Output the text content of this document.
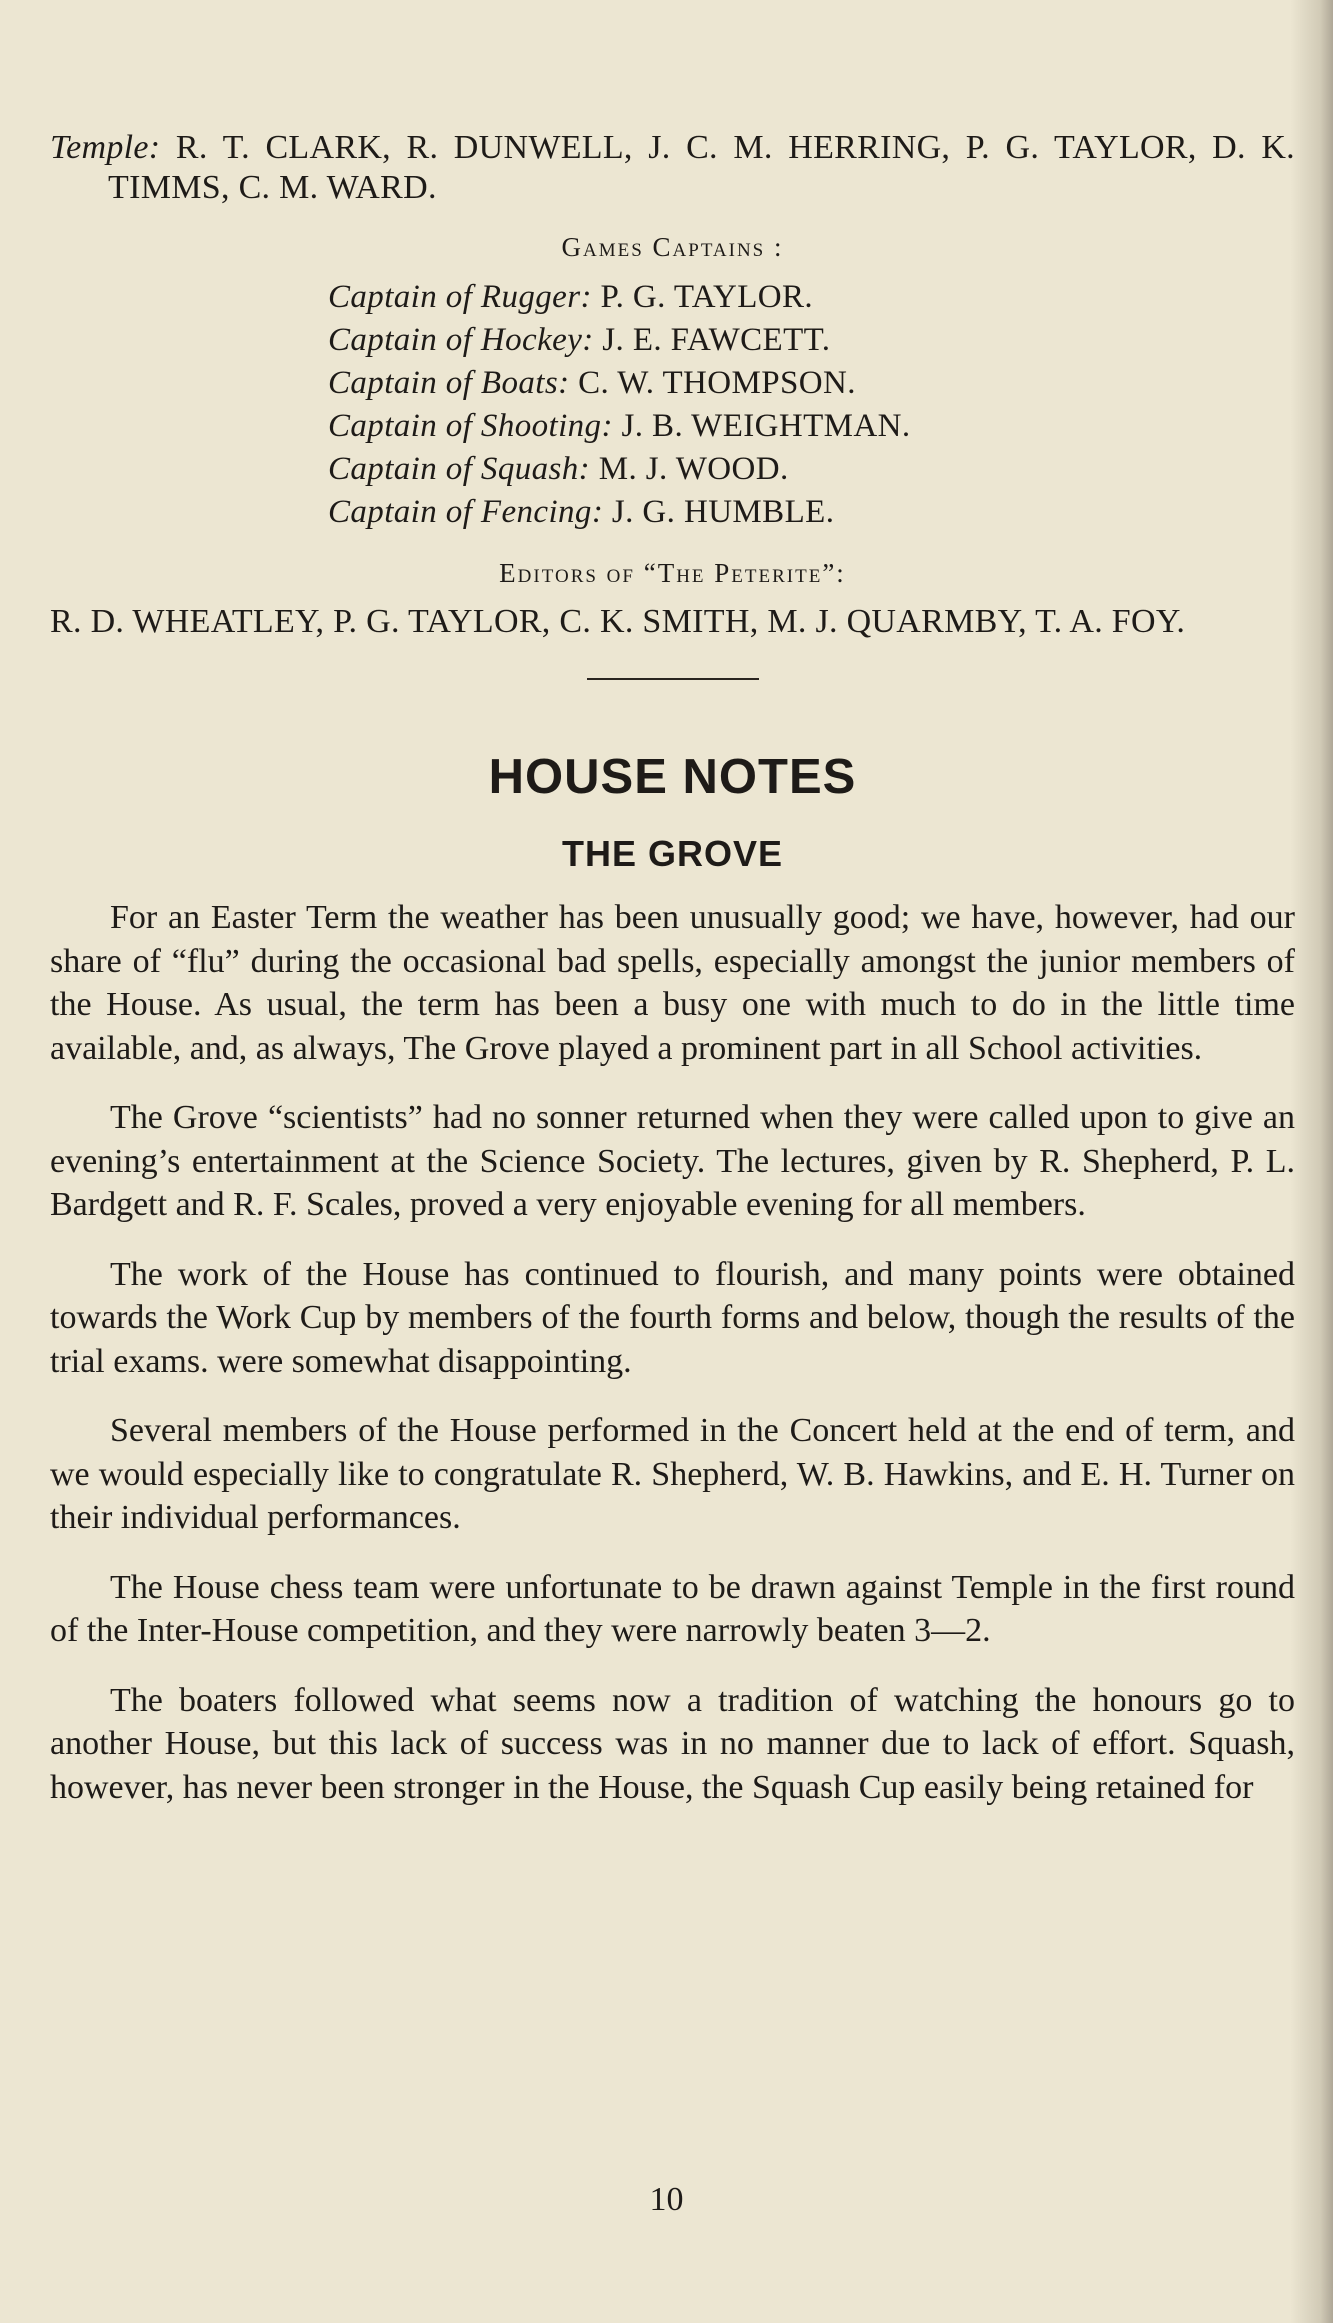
Temple: R. T. CLARK, R. DUNWELL, J. C. M. HERRING, P. G. TAYLOR, D. K. TIMMS, C. M. WARD.
Games Captains :
Captain of Rugger: P. G. TAYLOR.
Captain of Hockey: J. E. FAWCETT.
Captain of Boats: C. W. THOMPSON.
Captain of Shooting: J. B. WEIGHTMAN.
Captain of Squash: M. J. WOOD.
Captain of Fencing: J. G. HUMBLE.
Editors of “The Peterite”:
R. D. WHEATLEY, P. G. TAYLOR, C. K. SMITH, M. J. QUARMBY, T. A. FOY.
HOUSE NOTES
THE GROVE

For an Easter Term the weather has been unusually good; we have, however, had our share of “flu” during the occasional bad spells, especially amongst the junior members of the House. As usual, the term has been a busy one with much to do in the little time available, and, as always, The Grove played a prominent part in all School activities.

The Grove “scientists” had no sonner returned when they were called upon to give an evening’s entertainment at the Science Society. The lectures, given by R. Shepherd, P. L. Bardgett and R. F. Scales, proved a very enjoyable evening for all members.

The work of the House has continued to flourish, and many points were obtained towards the Work Cup by members of the fourth forms and below, though the results of the trial exams. were somewhat disappointing.

Several members of the House performed in the Concert held at the end of term, and we would especially like to congratulate R. Shepherd, W. B. Hawkins, and E. H. Turner on their individual performances.

The House chess team were unfortunate to be drawn against Temple in the first round of the Inter-House competition, and they were narrowly beaten 3—2.

The boaters followed what seems now a tradition of watching the honours go to another House, but this lack of success was in no manner due to lack of effort. Squash, however, has never been stronger in the House, the Squash Cup easily being retained for

10
